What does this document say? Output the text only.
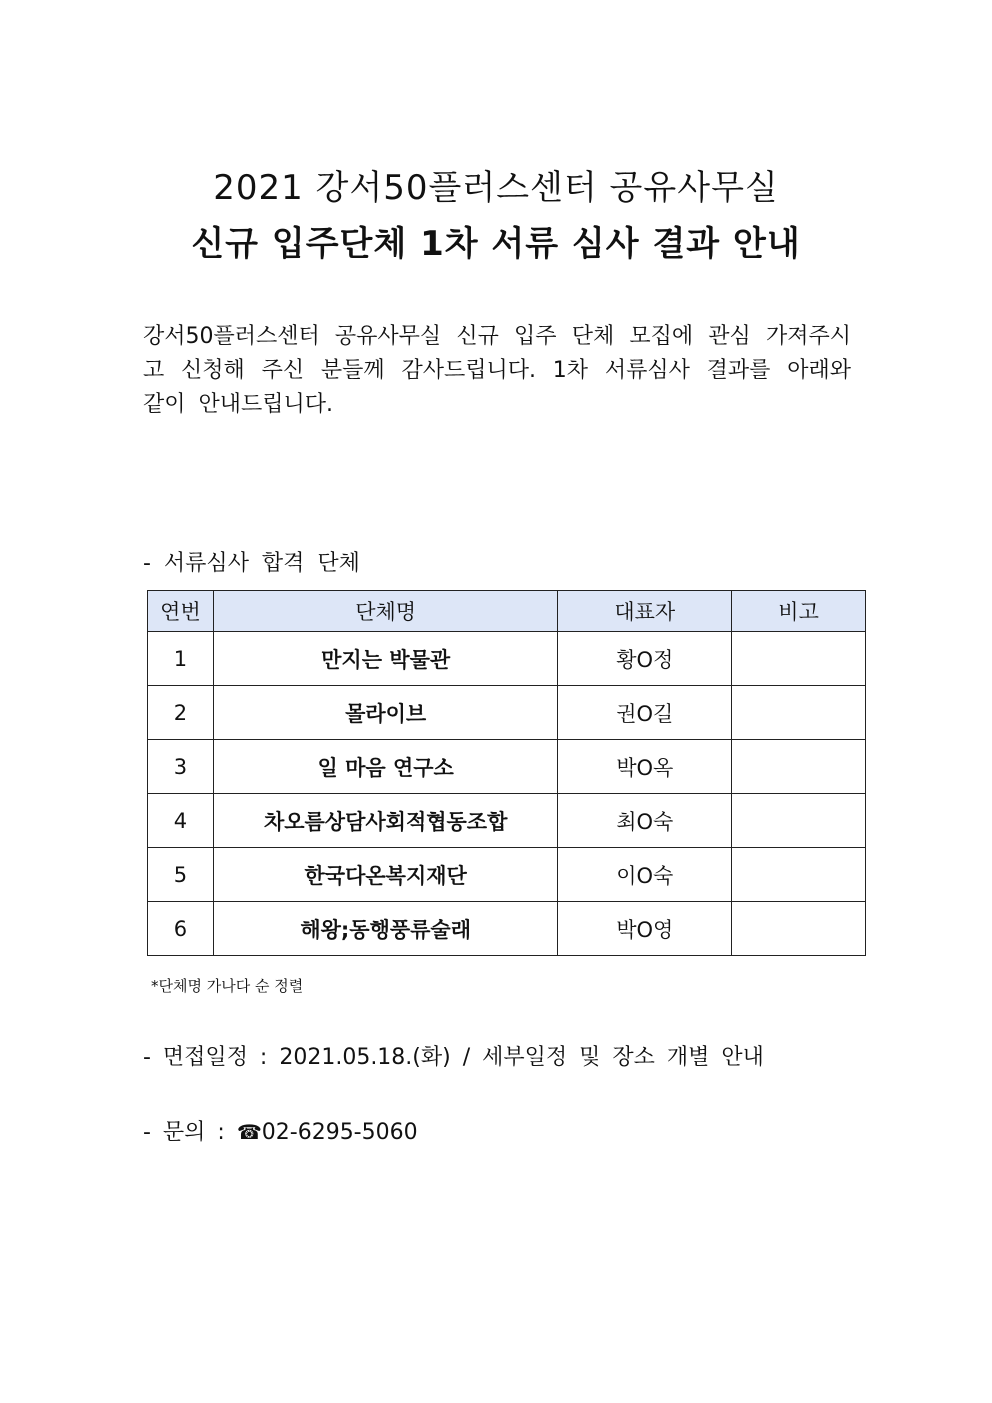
2021 강서50플러스센터 공유사무실
신규 입주단체 1차 서류 심사 결과 안내
강서50플러스센터 공유사무실 신규 입주 단체 모집에 관심 가져주시고 신청해 주신 분들께 감사드립니다. 1차 서류심사 결과를 아래와 같이 안내드립니다.
- 서류심사 합격 단체
연번	단체명	대표자	비고
1	만지는 박물관	황O정	
2	몰라이브	권O길	
3	일 마음 연구소	박O옥	
4	차오름상담사회적협동조합	최O숙	
5	한국다온복지재단	이O숙	
6	해왕;동행풍류술래	박O영	
*단체명 가나다 순 정렬
- 면접일정 : 2021.05.18.(화) / 세부일정 및 장소 개별 안내
- 문의 : ☎02-6295-5060
